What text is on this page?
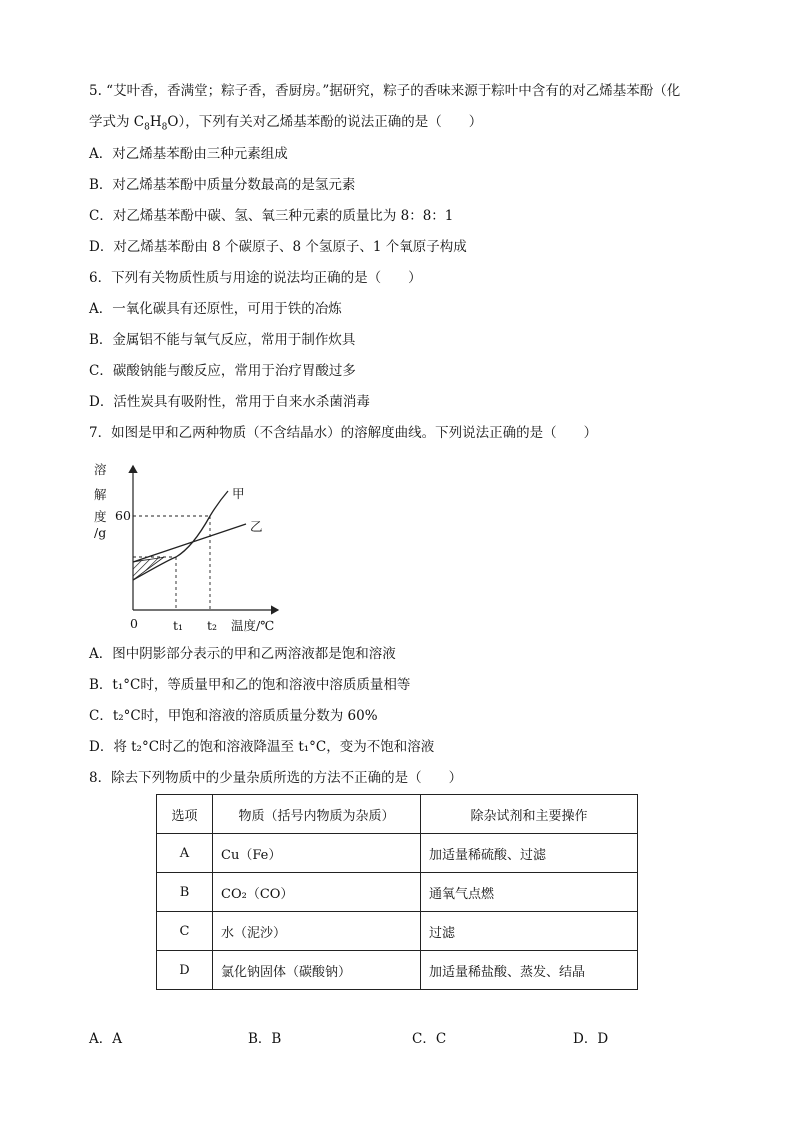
5. “艾叶香，香满堂；粽子香，香厨房。”据研究，粽子的香味来源于粽叶中含有的对乙烯基苯酚（化
学式为 $C_8H_8O$），下列有关对乙烯基苯酚的说法正确的是（　　）
A．对乙烯基苯酚由三种元素组成
B．对乙烯基苯酚中质量分数最高的是氢元素
C．对乙烯基苯酚中碳、氢、氧三种元素的质量比为 8：8：1
D．对乙烯基苯酚由 8 个碳原子、8 个氢原子、1 个氧原子构成
6．下列有关物质性质与用途的说法均正确的是（　　）
A．一氧化碳具有还原性，可用于铁的冶炼
B．金属铝不能与氧气反应，常用于制作炊具
C．碳酸钠能与酸反应，常用于治疗胃酸过多
D．活性炭具有吸附性，常用于自来水杀菌消毒
7．如图是甲和乙两种物质（不含结晶水）的溶解度曲线。下列说法正确的是（　　）
溶
解
度
/g
60
0	t₁ t₂ 温度/℃
甲
乙
A．图中阴影部分表示的甲和乙两溶液都是饱和溶液
B．t₁°C时，等质量甲和乙的饱和溶液中溶质质量相等
C．t₂°C时，甲饱和溶液的溶质质量分数为 60%
D．将 t₂°C时乙的饱和溶液降温至 t₁°C，变为不饱和溶液
8．除去下列物质中的少量杂质所选的方法不正确的是（　　）
选项	物质（括号内物质为杂质）	除杂试剂和主要操作
A	Cu（Fe）	加适量稀硫酸、过滤
B	CO₂（CO）	通氧气点燃
C	水（泥沙）	过滤
D	氯化钠固体（碳酸钠）	加适量稀盐酸、蒸发、结晶
A．A	B．B	C．C	D．D
